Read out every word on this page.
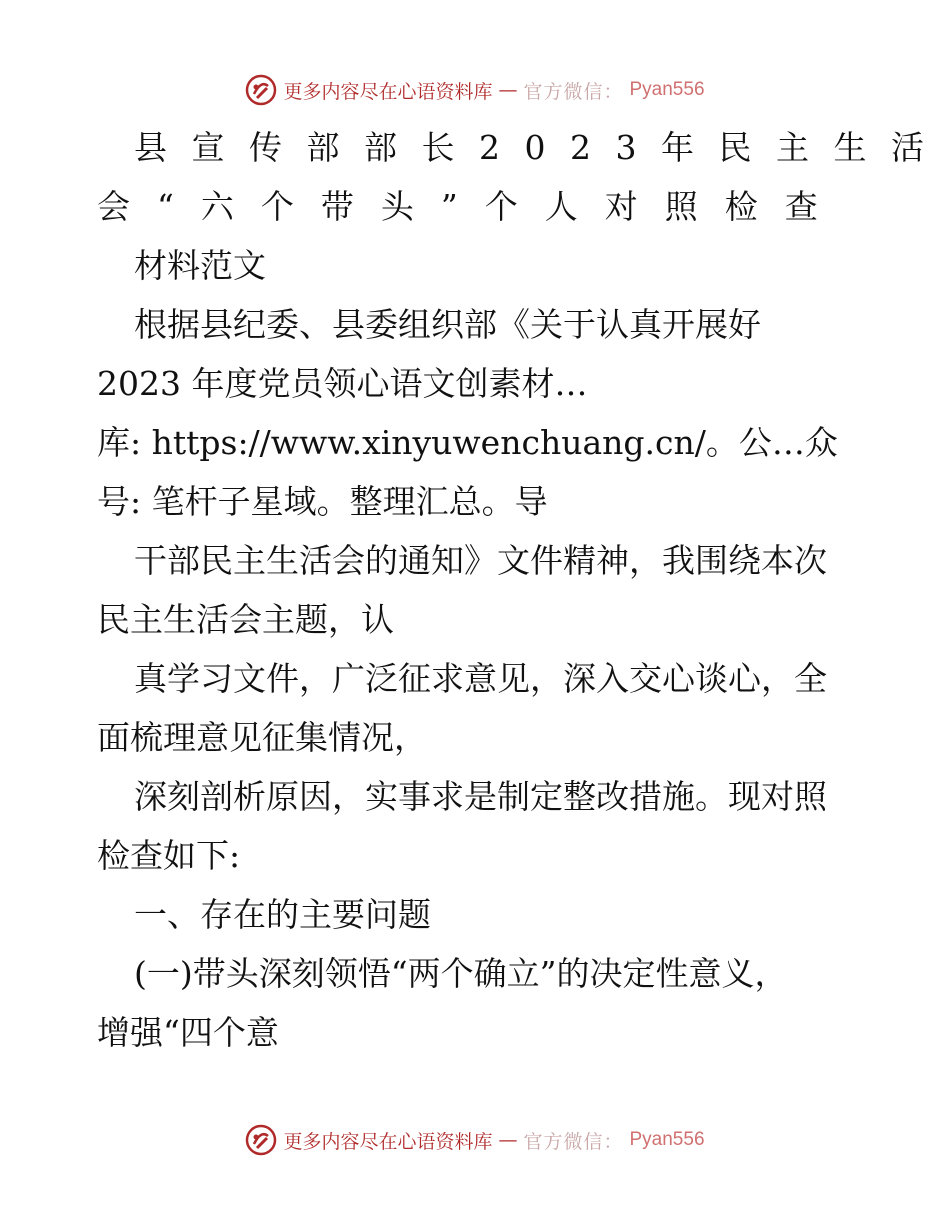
更多内容尽在心语资料库 — 官方微信： Pyan556
县宣传部部长2023年民主生活
会“六个带头”个人对照检查
材料范文
根据县纪委、县委组织部《关于认真开展好
2023 年度党员领心语文创素材…
库: https://www.xinyuwenchuang.cn/。公…众
号: 笔杆子星域。整理汇总。导
干部民主生活会的通知》文件精神，我围绕本次
民主生活会主题，认
真学习文件，广泛征求意见，深入交心谈心，全
面梳理意见征集情况，
深刻剖析原因，实事求是制定整改措施。现对照
检查如下:
一、存在的主要问题
(一)带头深刻领悟“两个确立”的决定性意义，
增强“四个意
更多内容尽在心语资料库 — 官方微信： Pyan556
